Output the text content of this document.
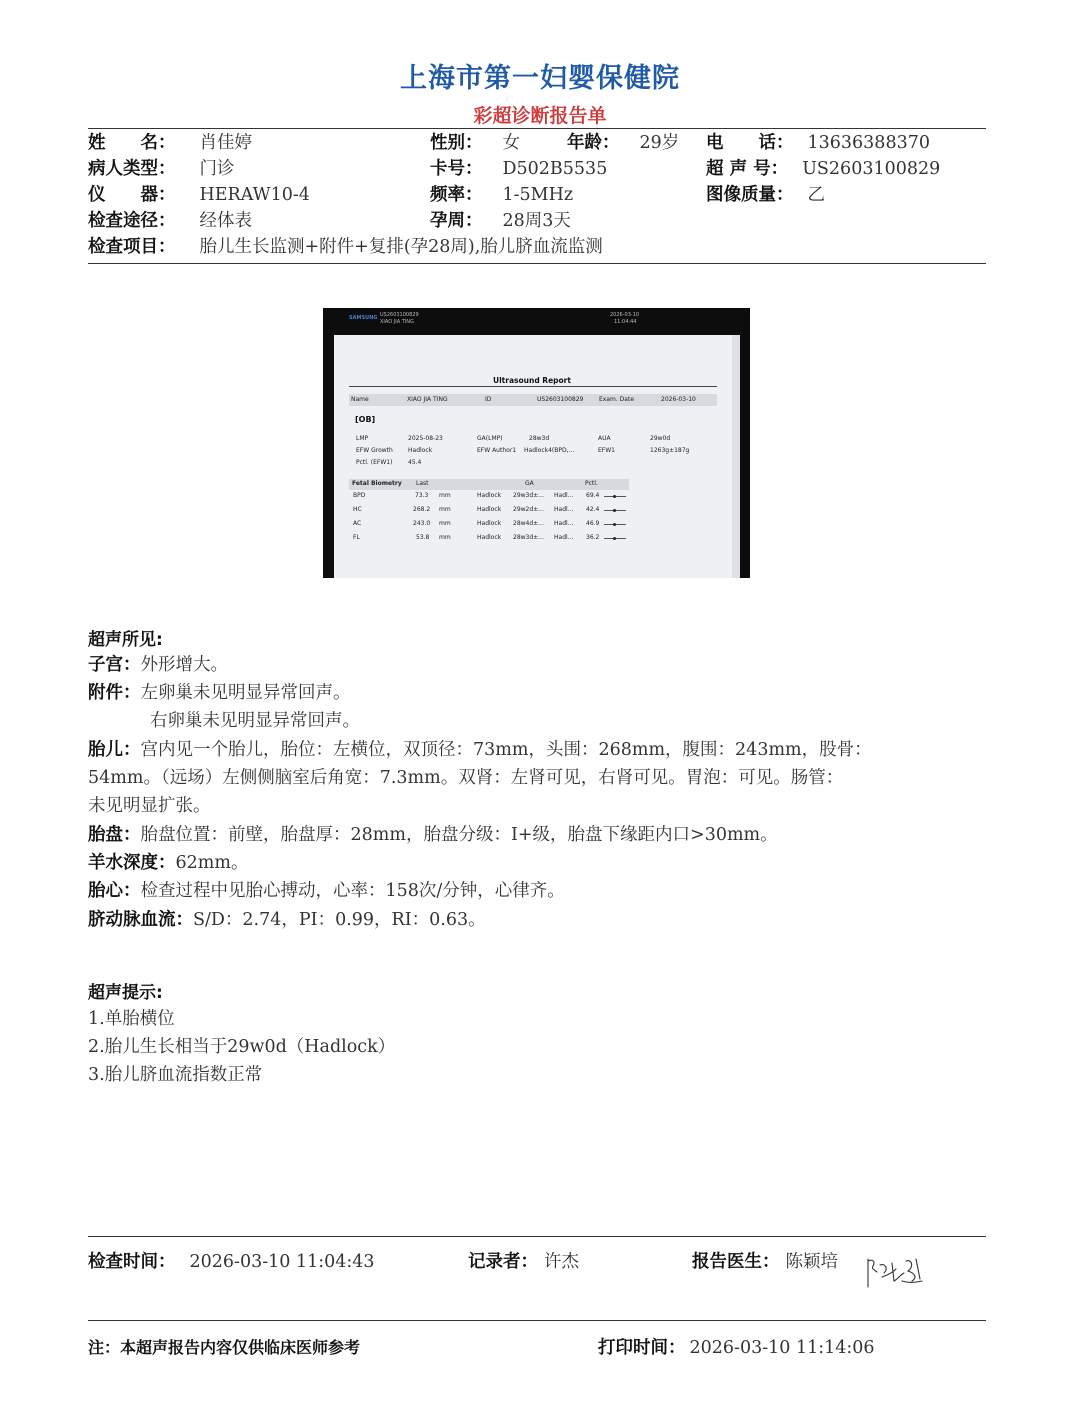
上海市第一妇婴保健院
彩超诊断报告单
姓　　名： 肖佳婷	性别： 女	年龄： 29岁 电　　话： 13636388370
病人类型： 门诊	卡号： D502B5535	超 声 号： US2603100829
仪　　器： HERAW10-4	频率： 1-5MHz	图像质量： 乙
检查途径： 经体表	孕周： 28周3天
检查项目： 胎儿生长监测+附件+复排(孕28周),胎儿脐血流监测
SAMSUNG US2603100829
XIAO JIA TING
2026-03-10
11:04:44
Ultrasound Report
Name	XIAO JIA TING	ID	US2603100829	Exam. Date	2026-03-10
[OB]
LMP	2025-08-23	GA(LMP)	28w3d	AUA	29w0d
EFW Growth	Hadlock	EFW Author1 Hadlock4(BPD,...	EFW1	1263g±187g
Pctl. (EFW1)	45.4
Fetal Biometry Last	GA	Pctl.
BPD	73.3 mm	Hadlock 29w3d±... Hadl... 69.4
HC	268.2 mm	Hadlock 29w2d±... Hadl... 42.4
AC	243.0 mm	Hadlock 28w4d±... Hadl... 46.9
FL	53.8 mm	Hadlock 28w3d±... Hadl... 36.2
超声所见:
子宫：外形增大。
附件：左卵巢未见明显异常回声。
右卵巢未见明显异常回声。
胎儿：宫内见一个胎儿，胎位：左横位，双顶径：73mm，头围：268mm，腹围：243mm，股骨：
54mm。（远场）左侧侧脑室后角宽：7.3mm。双肾：左肾可见，右肾可见。胃泡：可见。肠管：
未见明显扩张。
胎盘：胎盘位置：前壁，胎盘厚：28mm，胎盘分级：Ⅰ+级，胎盘下缘距内口>30mm。
羊水深度：62mm。
胎心：检查过程中见胎心搏动，心率：158次/分钟，心律齐。
脐动脉血流：S/D：2.74，PI：0.99，RI：0.63。
超声提示:
1.单胎横位
2.胎儿生长相当于29w0d（Hadlock）
3.胎儿脐血流指数正常
检查时间： 2026-03-10 11:04:43	记录者： 许杰	报告医生： 陈颖培
注：本超声报告内容仅供临床医师参考	打印时间： 2026-03-10 11:14:06
